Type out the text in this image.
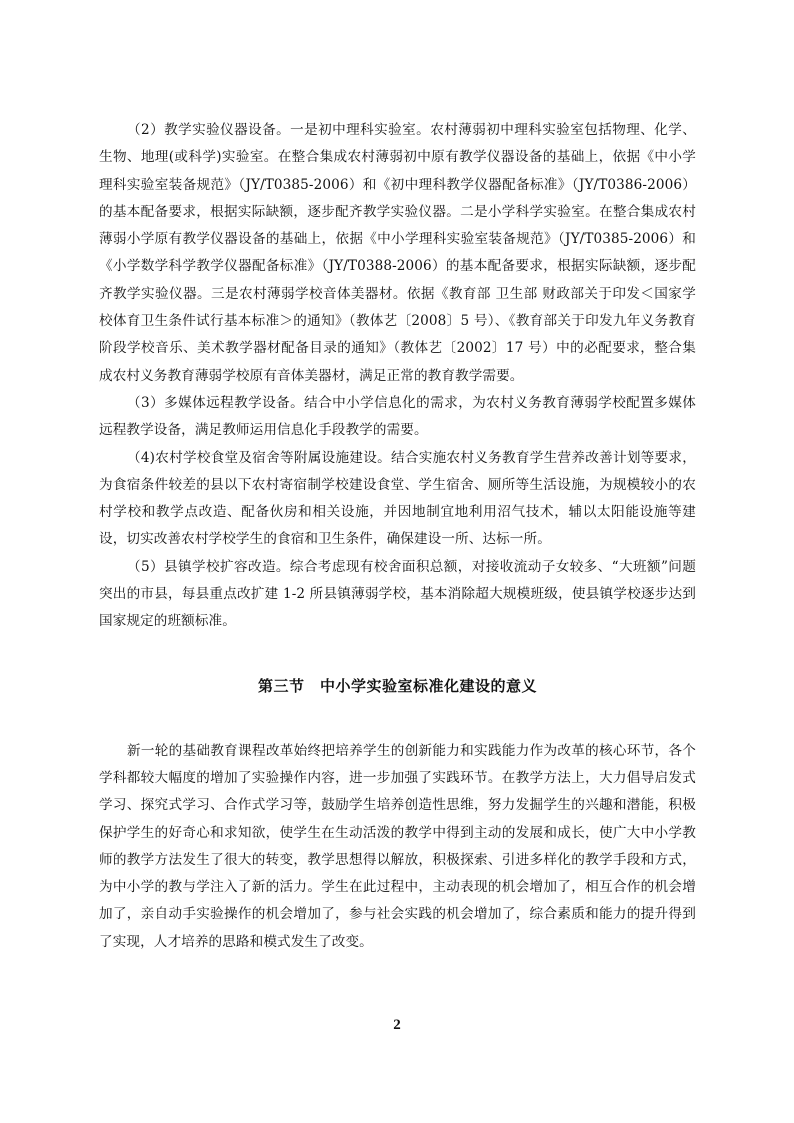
（2）教学实验仪器设备。一是初中理科实验室。农村薄弱初中理科实验室包括物理、化学、生物、地理(或科学)实验室。在整合集成农村薄弱初中原有教学仪器设备的基础上，依据《中小学理科实验室装备规范》（JY/T0385-2006）和《初中理科教学仪器配备标准》（JY/T0386-2006）的基本配备要求，根据实际缺额，逐步配齐教学实验仪器。二是小学科学实验室。在整合集成农村薄弱小学原有教学仪器设备的基础上，依据《中小学理科实验室装备规范》（JY/T0385-2006）和《小学数学科学教学仪器配备标准》（JY/T0388-2006）的基本配备要求，根据实际缺额，逐步配齐教学实验仪器。三是农村薄弱学校音体美器材。依据《教育部 卫生部 财政部关于印发＜国家学校体育卫生条件试行基本标准＞的通知》（教体艺〔2008〕5 号）、《教育部关于印发九年义务教育阶段学校音乐、美术教学器材配备目录的通知》（教体艺〔2002〕17 号）中的必配要求，整合集成农村义务教育薄弱学校原有音体美器材，满足正常的教育教学需要。

（3）多媒体远程教学设备。结合中小学信息化的需求，为农村义务教育薄弱学校配置多媒体远程教学设备，满足教师运用信息化手段教学的需要。

（4)农村学校食堂及宿舍等附属设施建设。结合实施农村义务教育学生营养改善计划等要求，为食宿条件较差的县以下农村寄宿制学校建设食堂、学生宿舍、厕所等生活设施，为规模较小的农村学校和教学点改造、配备伙房和相关设施，并因地制宜地利用沼气技术，辅以太阳能设施等建设，切实改善农村学校学生的食宿和卫生条件，确保建设一所、达标一所。

（5）县镇学校扩容改造。综合考虑现有校舍面积总额，对接收流动子女较多、“大班额”问题突出的市县，每县重点改扩建 1-2 所县镇薄弱学校，基本消除超大规模班级，使县镇学校逐步达到国家规定的班额标准。

第三节　中小学实验室标准化建设的意义

新一轮的基础教育课程改革始终把培养学生的创新能力和实践能力作为改革的核心环节，各个学科都较大幅度的增加了实验操作内容，进一步加强了实践环节。在教学方法上，大力倡导启发式学习、探究式学习、合作式学习等，鼓励学生培养创造性思维，努力发掘学生的兴趣和潜能，积极保护学生的好奇心和求知欲，使学生在生动活泼的教学中得到主动的发展和成长，使广大中小学教师的教学方法发生了很大的转变，教学思想得以解放，积极探索、引进多样化的教学手段和方式，为中小学的教与学注入了新的活力。学生在此过程中，主动表现的机会增加了，相互合作的机会增加了，亲自动手实验操作的机会增加了，参与社会实践的机会增加了，综合素质和能力的提升得到了实现，人才培养的思路和模式发生了改变。

2
